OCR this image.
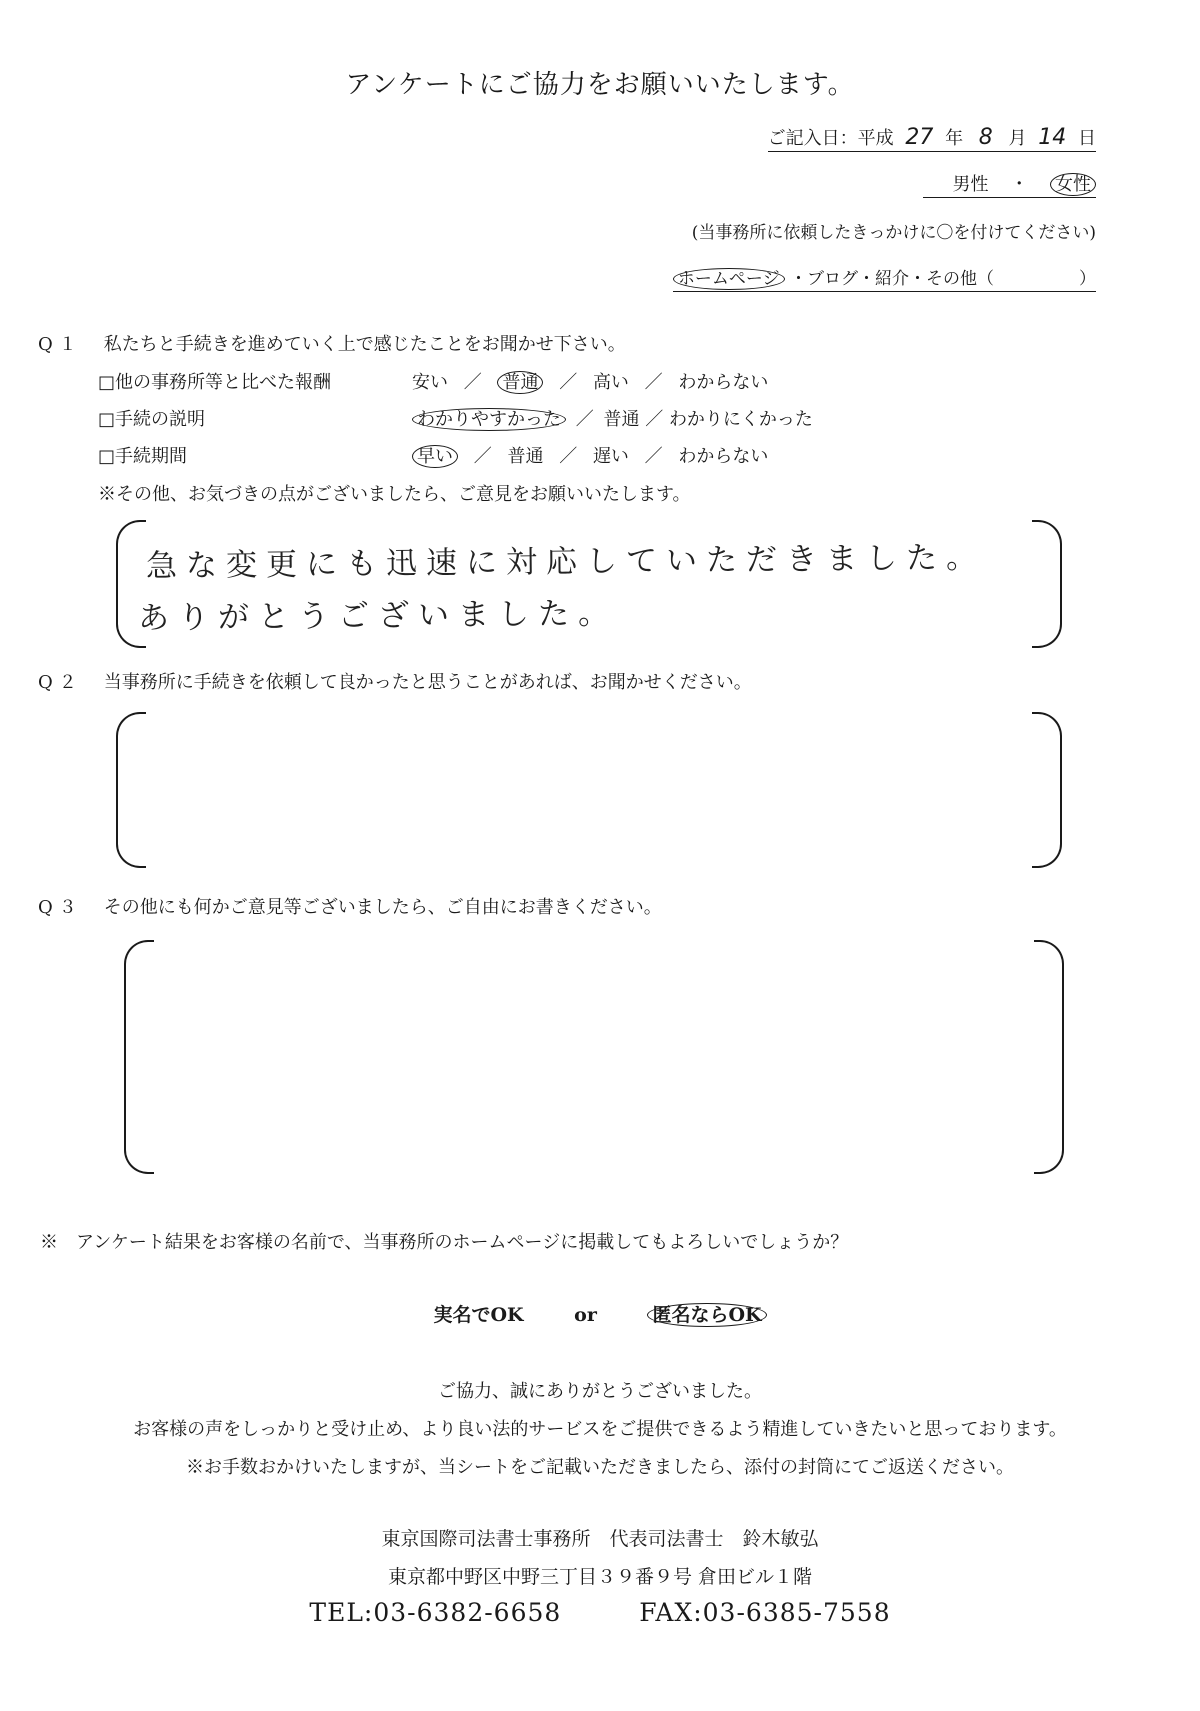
アンケートにご協力をお願いいたします。
ご記入日：平成 27 年 8 月 14 日
男性 ・ 女性
(当事務所に依頼したきっかけに〇を付けてください)
ホームページ ・ブログ・紹介・その他（　　　　　）
Q１ 私たちと手続きを進めていく上で感じたことをお聞かせ下さい。
□他の事務所等と比べた報酬	安い ／ 普通 ／ 高い ／ わからない
□手続の説明	わかりやすかった ／ 普通 ／ わかりにくかった
□手続期間	早い ／ 普通 ／ 遅い ／ わからない
※その他、お気づきの点がございましたら、ご意見をお願いいたします。
急な変更にも迅速に対応していただきました。
ありがとうございました。
Q２ 当事務所に手続きを依頼して良かったと思うことがあれば、お聞かせください。
Q３ その他にも何かご意見等ございましたら、ご自由にお書きください。
※　アンケート結果をお客様の名前で、当事務所のホームページに掲載してもよろしいでしょうか？
実名でOK	or	匿名ならOK
ご協力、誠にありがとうございました。
お客様の声をしっかりと受け止め、より良い法的サービスをご提供できるよう精進していきたいと思っております。
※お手数おかけいたしますが、当シートをご記載いただきましたら、添付の封筒にてご返送ください。
東京国際司法書士事務所　代表司法書士　鈴木敏弘
東京都中野区中野三丁目３９番９号 倉田ビル１階
TEL:03-6382-6658	FAX:03-6385-7558
